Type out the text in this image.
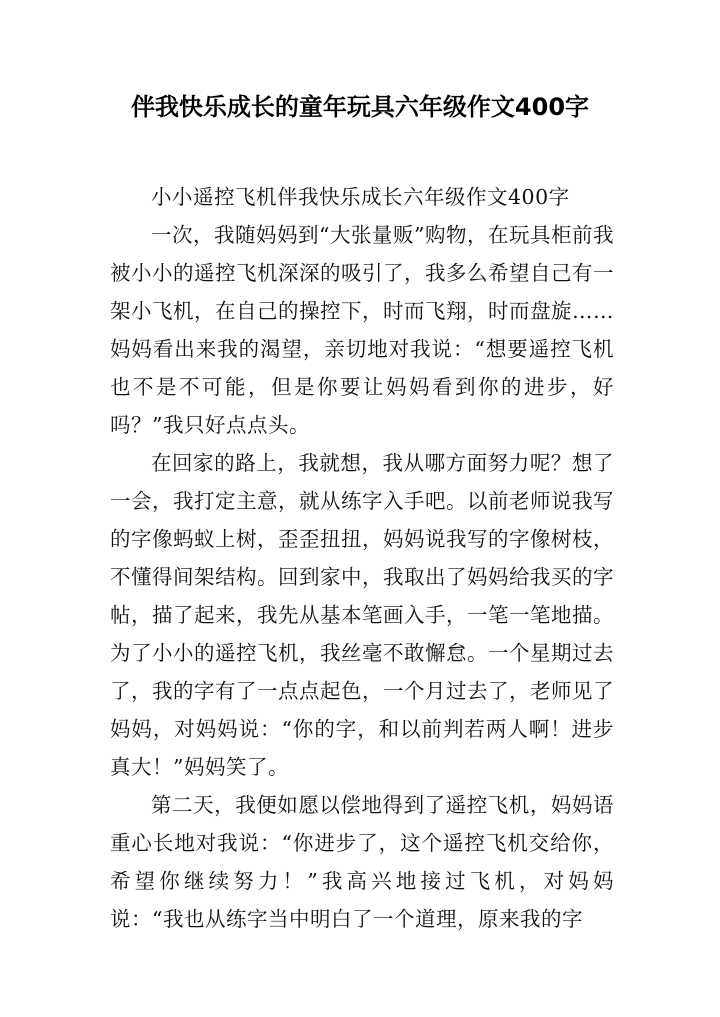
伴我快乐成长的童年玩具六年级作文400字

小小遥控飞机伴我快乐成长六年级作文400字

一次，我随妈妈到“大张量贩”购物，在玩具柜前我被小小的遥控飞机深深的吸引了，我多么希望自己有一架小飞机，在自己的操控下，时而飞翔，时而盘旋……妈妈看出来我的渴望，亲切地对我说：“想要遥控飞机也不是不可能，但是你要让妈妈看到你的进步，好吗？”我只好点点头。

在回家的路上，我就想，我从哪方面努力呢？想了一会，我打定主意，就从练字入手吧。以前老师说我写的字像蚂蚁上树，歪歪扭扭，妈妈说我写的字像树枝，不懂得间架结构。回到家中，我取出了妈妈给我买的字帖，描了起来，我先从基本笔画入手，一笔一笔地描。为了小小的遥控飞机，我丝毫不敢懈怠。一个星期过去了，我的字有了一点点起色，一个月过去了，老师见了妈妈，对妈妈说：“你的字，和以前判若两人啊！进步真大！”妈妈笑了。

第二天，我便如愿以偿地得到了遥控飞机，妈妈语重心长地对我说：“你进步了，这个遥控飞机交给你，希望你继续努力！”我高兴地接过飞机，对妈妈说：“我也从练字当中明白了一个道理，原来我的字
